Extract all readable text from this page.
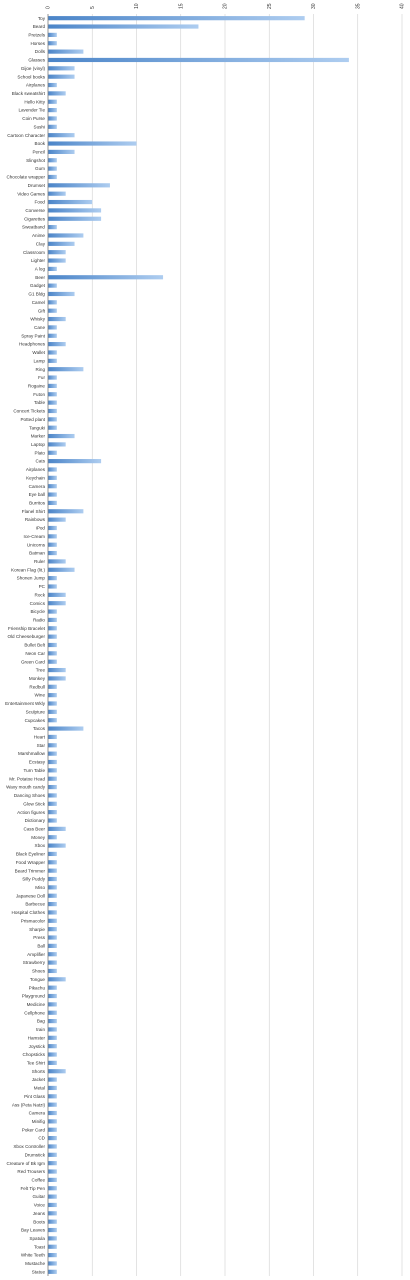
0	5	10	15	20	25	30	35	40
Toy
Beard
Pretzels
Horses
Dolls
Glasses
Gijoe (vinyl)
School books
Airplanes
Black sweatshirt
Hello Kitty
Lavender Tie
Coin Purse
Sushi
Cartoon Character
Book
Pencil
Slingshot
Gum
Chocolate wrapper
Drumset
Video Games
Food
Converse
Cigarettes
Sweatband
Anime
Clay
Classroom
Lighter
A log
Beer
Gadget
G1 Bldg
Camel
Gift
Whisky
Cane
Spray Paint
Headphones
Wallet
Lamp
Ring
Fur
Rogaine
Futon
Table
Concert Tickets
Potted plant
Tanguki
Marker
Laptop
Plato
Cats
Airplanes
Keychain
Camera
Eye ball
Burritos
Flanel Shirt
Rainbows
iPod
Ice-Cream
Unicorns
Batman
Ruler
Korean Flag (lit.)
Shonen Jump
PC
Rock
Comics
Bicycle
Radio
Frienship Bracelet
Old Cheeseburger
Bullet Belt
Neon Car
Green Card
Tree
Monkey
Redbull
Wine
Entertainment Wkly
Sculpture
Cupcakes
Tacos
Heart
Star
Marshmallow
Ecstasy
Turn Table
Mr. Potatoe Head
Waxy mouth candy
Dancing Shoes
Glow Stick
Action figures
Dictionary
Cass Beer
Money
Xbox
Black Eyeliner
Food Wrapper
Beard Trimmer
Silly Puddy
Miso
Japanese Doll
Barbecue
Hospital Clothes
Prismacolor
Sharpie
Press
Ball
Amplifier
Strawberry
Shoes
Tongue
Pikachu
Playground
Medicine
Cellphone
Bag
train
Hamster
Joystick
Chopsticks
Tee Shirt
Shorts
Jacket
Metal
Pint Glass
Ass (Peta Natzi)
Camera
Minifig
Poker Card
CD
Xbox Controller
Drumstick
Creature of Bk Igm
Red Trousers
Coffee
Felt Tip Pen
Guitar
Voice
Jeans
Boots
Bay Leaves
Spatula
Toast
White Teeth
Mustache
Statue
